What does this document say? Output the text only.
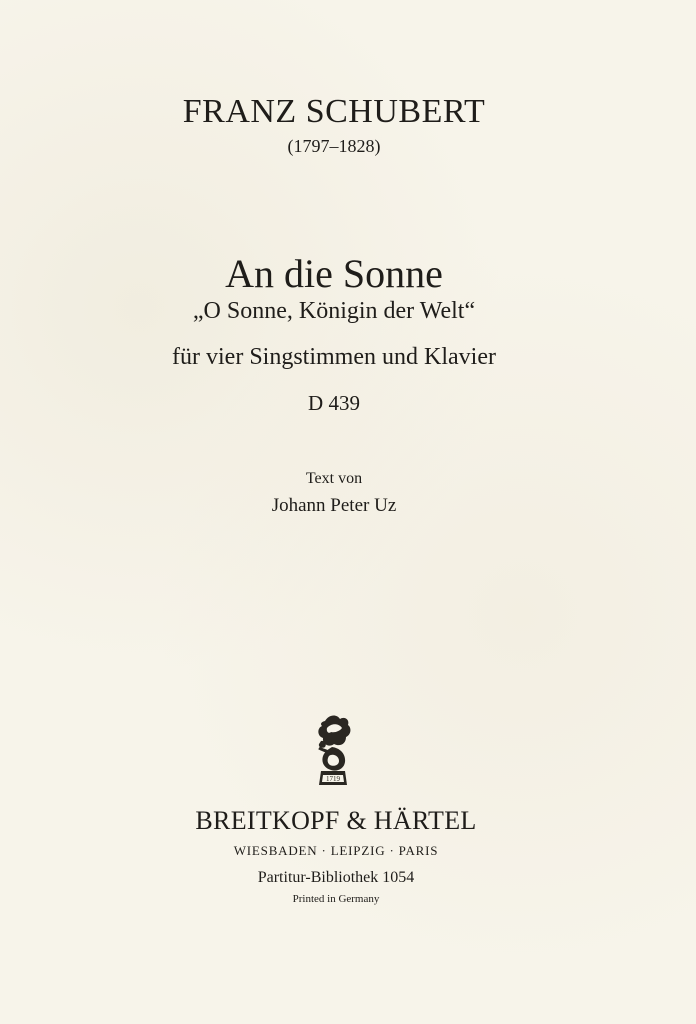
FRANZ SCHUBERT
(1797–1828)
An die Sonne
„O Sonne, Königin der Welt“
für vier Singstimmen und Klavier
D 439
Text von
Johann Peter Uz
1719
BREITKOPF & HÄRTEL
WIESBADEN · LEIPZIG · PARIS
Partitur-Bibliothek 1054
Printed in Germany
